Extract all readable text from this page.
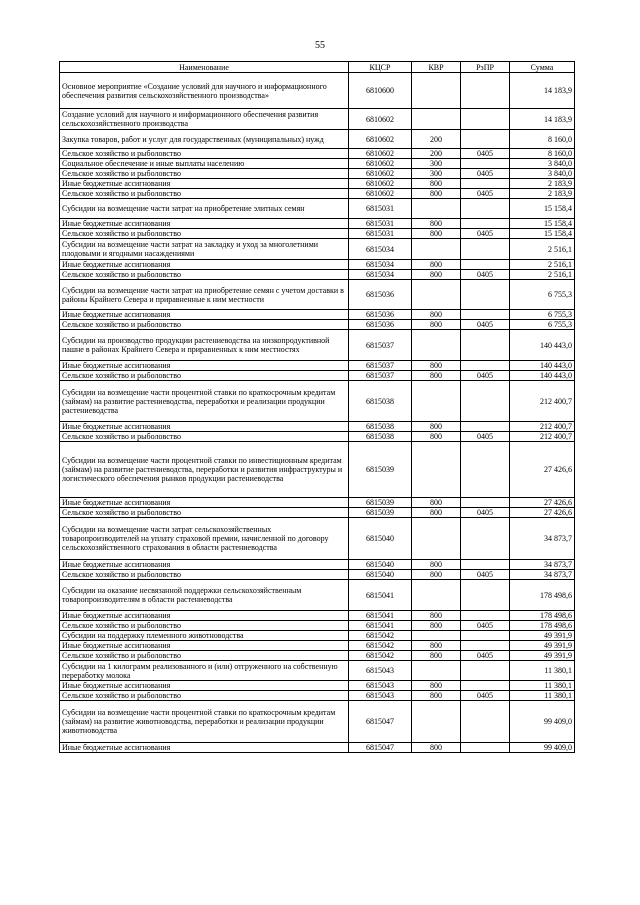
55
Наименование	КЦСР	КВР	РзПР	Сумма
Основное мероприятие «Создание условий для научного и информационного обеспечения развития сельскохозяйственного производства»	6810600			14 183,9
Создание условий для научного и информационного обеспечения развития сельскохозяйственного производства	6810602			14 183,9
Закупка товаров, работ и услуг для государственных (муниципальных) нужд	6810602	200		8 160,0
Сельское хозяйство и рыболовство	6810602	200	0405	8 160,0
Социальное обеспечение и иные выплаты населению	6810602	300		3 840,0
Сельское хозяйство и рыболовство	6810602	300	0405	3 840,0
Иные бюджетные ассигнования	6810602	800		2 183,9
Сельское хозяйство и рыболовство	6810602	800	0405	2 183,9
Субсидии на возмещение части затрат на приобретение элитных семян	6815031			15 158,4
Иные бюджетные ассигнования	6815031	800		15 158,4
Сельское хозяйство и рыболовство	6815031	800	0405	15 158,4
Субсидии на возмещение части затрат на закладку и уход за многолетними плодовыми и ягодными насаждениями	6815034			2 516,1
Иные бюджетные ассигнования	6815034	800		2 516,1
Сельское хозяйство и рыболовство	6815034	800	0405	2 516,1
Субсидии на возмещение части затрат на приобретение семян с учетом доставки в районы Крайнего Севера и приравненные к ним местности	6815036			6 755,3
Иные бюджетные ассигнования	6815036	800		6 755,3
Сельское хозяйство и рыболовство	6815036	800	0405	6 755,3
Субсидии на производство продукции растениеводства на низкопродуктивной пашне в районах Крайнего Севера и приравненных к ним местностях	6815037			140 443,0
Иные бюджетные ассигнования	6815037	800		140 443,0
Сельское хозяйство и рыболовство	6815037	800	0405	140 443,0
Субсидии на возмещение части процентной ставки по краткосрочным кредитам (займам) на развитие растениеводства, переработки и реализации продукции растениеводства	6815038			212 400,7
Иные бюджетные ассигнования	6815038	800		212 400,7
Сельское хозяйство и рыболовство	6815038	800	0405	212 400,7
Субсидии на возмещение части процентной ставки по инвестиционным кредитам (займам) на развитие растениеводства, переработки и развития инфраструктуры и логистического обеспечения рынков продукции растениеводства	6815039			27 426,6
Иные бюджетные ассигнования	6815039	800		27 426,6
Сельское хозяйство и рыболовство	6815039	800	0405	27 426,6
Субсидии на возмещение части затрат сельскохозяйственных товаропроизводителей на уплату страховой премии, начисленной по договору сельскохозяйственного страхования в области растениеводства	6815040			34 873,7
Иные бюджетные ассигнования	6815040	800		34 873,7
Сельское хозяйство и рыболовство	6815040	800	0405	34 873,7
Субсидии на оказание несвязанной поддержки сельскохозяйственным товаропроизводителям в области растениеводства	6815041			178 498,6
Иные бюджетные ассигнования	6815041	800		178 498,6
Сельское хозяйство и рыболовство	6815041	800	0405	178 498,6
Субсидии на поддержку племенного животноводства	6815042			49 391,9
Иные бюджетные ассигнования	6815042	800		49 391,9
Сельское хозяйство и рыболовство	6815042	800	0405	49 391,9
Субсидии на 1 килограмм реализованного и (или) отгруженного на собственную переработку молока	6815043			11 380,1
Иные бюджетные ассигнования	6815043	800		11 380,1
Сельское хозяйство и рыболовство	6815043	800	0405	11 380,1
Субсидии на возмещение части процентной ставки по краткосрочным кредитам (займам) на развитие животноводства, переработки и реализации продукции животноводства	6815047			99 409,0
Иные бюджетные ассигнования	6815047	800		99 409,0
